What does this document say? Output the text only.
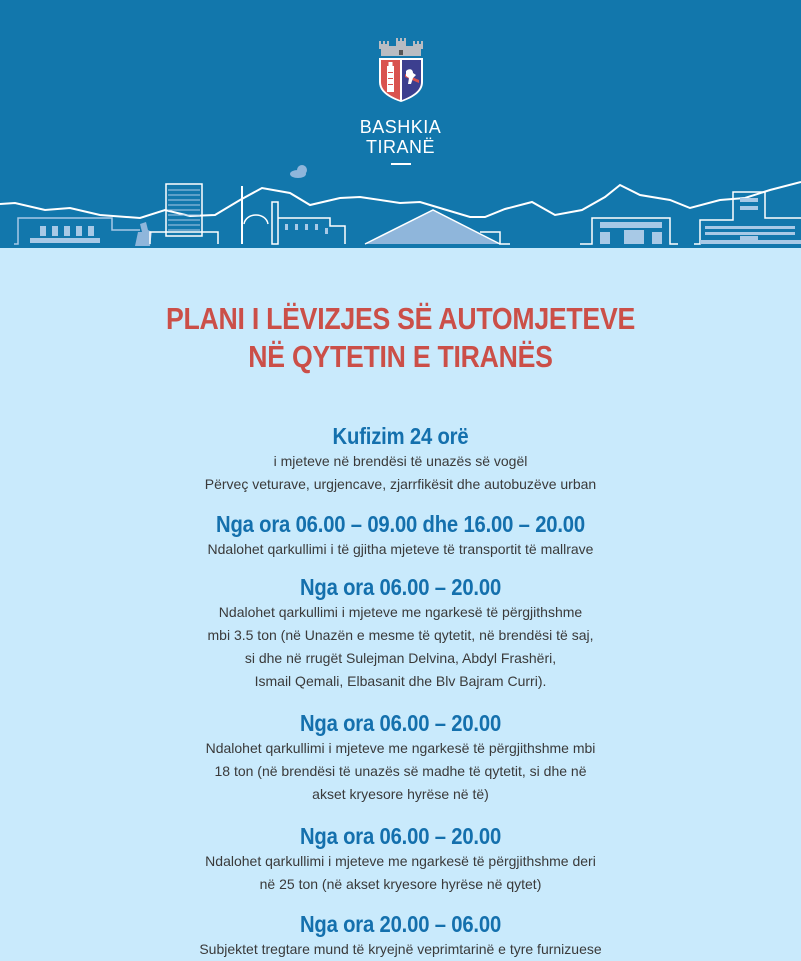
BASHKIA
TIRANË
PLANI I LËVIZJES SË AUTOMJETEVE
NË QYTETIN E TIRANËS
Kufizim 24 orë
i mjeteve në brendësi të unazës së vogël
Përveç veturave, urgjencave, zjarrfikësit dhe autobuzëve urban
Nga ora 06.00 – 09.00 dhe 16.00 – 20.00
Ndalohet qarkullimi i të gjitha mjeteve të transportit të mallrave
Nga ora 06.00 – 20.00
Ndalohet qarkullimi i mjeteve me ngarkesë të përgjithshme
mbi 3.5 ton (në Unazën e mesme të qytetit, në brendësi të saj,
si dhe në rrugët Sulejman Delvina, Abdyl Frashëri,
Ismail Qemali, Elbasanit dhe Blv Bajram Curri).
Nga ora 06.00 – 20.00
Ndalohet qarkullimi i mjeteve me ngarkesë të përgjithshme mbi
18 ton (në brendësi të unazës së madhe të qytetit, si dhe në
akset kryesore hyrëse në të)
Nga ora 06.00 – 20.00
Ndalohet qarkullimi i mjeteve me ngarkesë të përgjithshme deri
në 25 ton (në akset kryesore hyrëse në qytet)
Nga ora 20.00 – 06.00
Subjektet tregtare mund të kryejnë veprimtarinë e tyre furnizuese
